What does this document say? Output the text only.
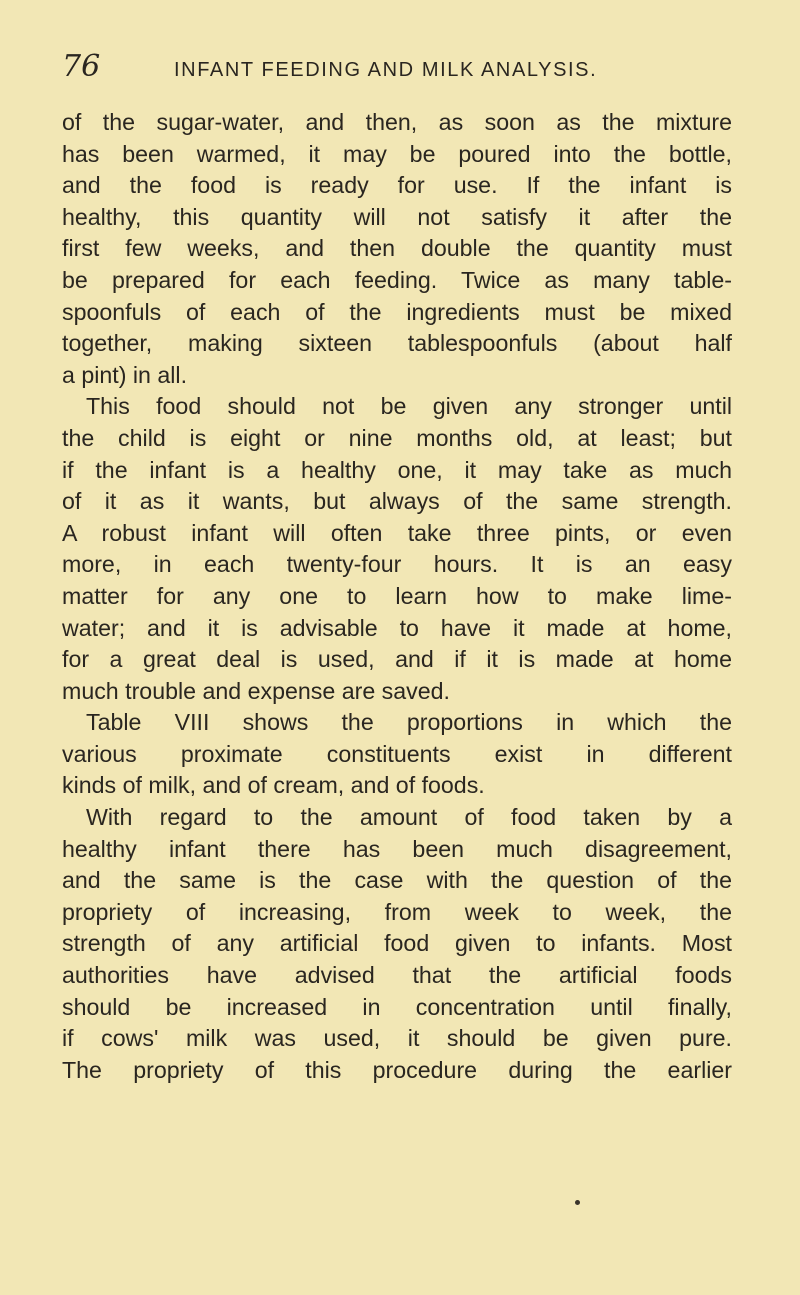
76	INFANT FEEDING AND MILK ANALYSIS.
of the sugar-water, and then, as soon as the mixture
has been warmed, it may be poured into the bottle,
and the food is ready for use. If the infant is
healthy, this quantity will not satisfy it after the
first few weeks, and then double the quantity must
be prepared for each feeding. Twice as many table-
spoonfuls of each of the ingredients must be mixed
together, making sixteen tablespoonfuls (about half
a pint) in all.
This food should not be given any stronger until
the child is eight or nine months old, at least; but
if the infant is a healthy one, it may take as much
of it as it wants, but always of the same strength.
A robust infant will often take three pints, or even
more, in each twenty-four hours. It is an easy
matter for any one to learn how to make lime-
water; and it is advisable to have it made at home,
for a great deal is used, and if it is made at home
much trouble and expense are saved.
Table VIII shows the proportions in which the
various proximate constituents exist in different
kinds of milk, and of cream, and of foods.
With regard to the amount of food taken by a
healthy infant there has been much disagreement,
and the same is the case with the question of the
propriety of increasing, from week to week, the
strength of any artificial food given to infants. Most
authorities have advised that the artificial foods
should be increased in concentration until finally,
if cows' milk was used, it should be given pure.
The propriety of this procedure during the earlier
